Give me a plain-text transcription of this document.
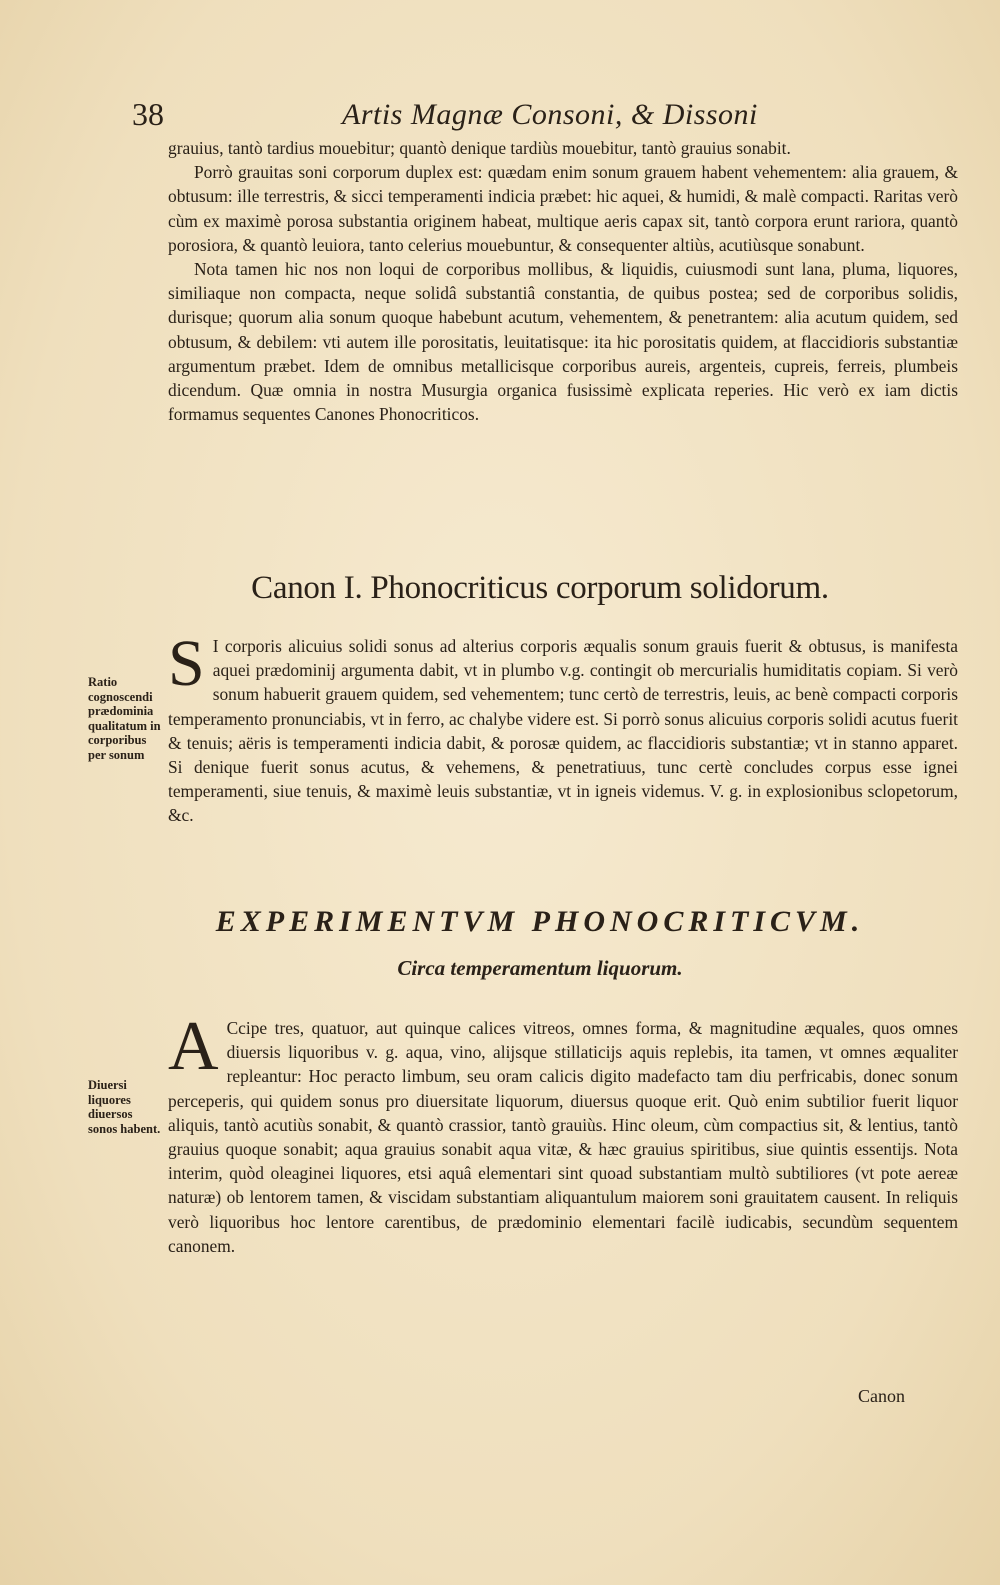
38	Artis Magnæ Consoni, & Dissoni

grauius, tantò tardius mouebitur; quantò denique tardiùs mouebitur, tantò grauius sonabit.

Porrò grauitas soni corporum duplex est: quædam enim sonum grauem habent vehementem: alia grauem, & obtusum: ille terrestris, & sicci temperamenti indicia præbet: hic aquei, & humidi, & malè compacti. Raritas verò cùm ex maximè porosa substantia originem habeat, multique aeris capax sit, tantò corpora erunt rariora, quantò porosiora, & quantò leuiora, tanto celerius mouebuntur, & consequenter altiùs, acutiùsque sonabunt.

Nota tamen hic nos non loqui de corporibus mollibus, & liquidis, cuiusmodi sunt lana, pluma, liquores, similiaque non compacta, neque solidâ substantiâ constantia, de quibus postea; sed de corporibus solidis, durisque; quorum alia sonum quoque habebunt acutum, vehementem, & penetrantem: alia acutum quidem, sed obtusum, & debilem: vti autem ille porositatis, leuitatisque: ita hic porositatis quidem, at flaccidioris substantiæ argumentum præbet. Idem de omnibus metallicisque corporibus aureis, argenteis, cupreis, ferreis, plumbeis dicendum. Quæ omnia in nostra Musurgia organica fusissimè explicata reperies. Hic verò ex iam dictis formamus sequentes Canones Phonocriticos.

Canon I. Phonocriticus corporum solidorum.
Ratio cognoscendi prædominia qualitatum in corporibus per sonum

S I corporis alicuius solidi sonus ad alterius corporis æqualis sonum grauis fuerit & obtusus, is manifesta aquei prædominij argumenta dabit, vt in plumbo v.g. contingit ob mercurialis humiditatis copiam. Si verò sonum habuerit grauem quidem, sed vehementem; tunc certò de terrestris, leuis, ac benè compacti corporis temperamento pronunciabis, vt in ferro, ac chalybe videre est. Si porrò sonus alicuius corporis solidi acutus fuerit & tenuis; aëris is temperamenti indicia dabit, & porosæ quidem, ac flaccidioris substantiæ; vt in stanno apparet. Si denique fuerit sonus acutus, & vehemens, & penetratiuus, tunc certè concludes corpus esse ignei temperamenti, siue tenuis, & maximè leuis substantiæ, vt in igneis videmus. V. g. in explosionibus sclopetorum, &c.

EXPERIMENTVM PHONOCRITICVM.
Circa temperamentum liquorum.
Diuersi liquores diuersos sonos habent.

A Ccipe tres, quatuor, aut quinque calices vitreos, omnes forma, & magnitudine æquales, quos omnes diuersis liquoribus v. g. aqua, vino, alijsque stillaticijs aquis replebis, ita tamen, vt omnes æqualiter repleantur: Hoc peracto limbum, seu oram calicis digito madefacto tam diu perfricabis, donec sonum perceperis, qui quidem sonus pro diuersitate liquorum, diuersus quoque erit. Quò enim subtilior fuerit liquor aliquis, tantò acutiùs sonabit, & quantò crassior, tantò grauiùs. Hinc oleum, cùm compactius sit, & lentius, tantò grauius quoque sonabit; aqua grauius sonabit aqua vitæ, & hæc grauius spiritibus, siue quintis essentijs. Nota interim, quòd oleaginei liquores, etsi aquâ elementari sint quoad substantiam multò subtiliores (vt pote aereæ naturæ) ob lentorem tamen, & viscidam substantiam aliquantulum maiorem soni grauitatem causent. In reliquis verò liquoribus hoc lentore carentibus, de prædominio elementari facilè iudicabis, secundùm sequentem canonem.

Canon
